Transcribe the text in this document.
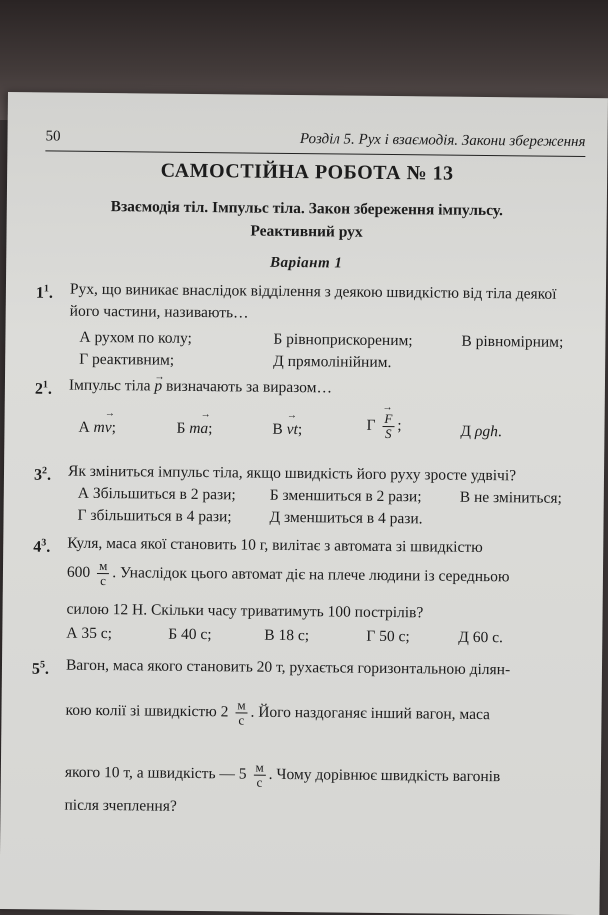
50	Розділ 5. Рух і взаємодія. Закони збереження
САМОСТІЙНА РОБОТА № 13
Взаємодія тіл. Імпульс тіла. Закон збереження імпульсу.
Реактивний рух
Варіант 1
$1^1$. Рух, що виникає внаслідок відділення з деякою швидкістю від тіла деякої його частини, називають…
А рухом по колу;	Б рівноприскореним;	В рівномірним;
Г реактивним;	Д прямолінійним.
$2^1$. Імпульс тіла → p визначають за виразом…
А m→ v;	Б m→ a;	В → vt;	Г
→ $\frac{F}{S}$ ;	Д ρgh.
$3^2$. Як зміниться імпульс тіла, якщо швидкість його руху зросте удвічі?
А Збільшиться в 2 рази; Б зменшиться в 2 рази; В не зміниться;
Г збільшиться в 4 рази; Д зменшиться в 4 рази.
$4^3$. Куля, маса якої становить 10 г, вилітає з автомата зі швидкістю
$600 \frac{м}{с}$ . Унаслідок цього автомат діє на плече людини із середньою
силою 12 Н. Скільки часу триватимуть 100 пострілів?
А 35 с;	Б 40 с;	В 18 с;	Г 50 с;	Д 60 с.
$5^5$. Вагон, маса якого становить 20 т, рухається горизонтальною ділян-
кою колії зі швидкістю $2 \frac{м}{с}$ . Його наздоганяє інший вагон, маса
якого 10 т, а швидкість — $5 \frac{м}{с}$ . Чому дорівнює швидкість вагонів
після зчеплення?
